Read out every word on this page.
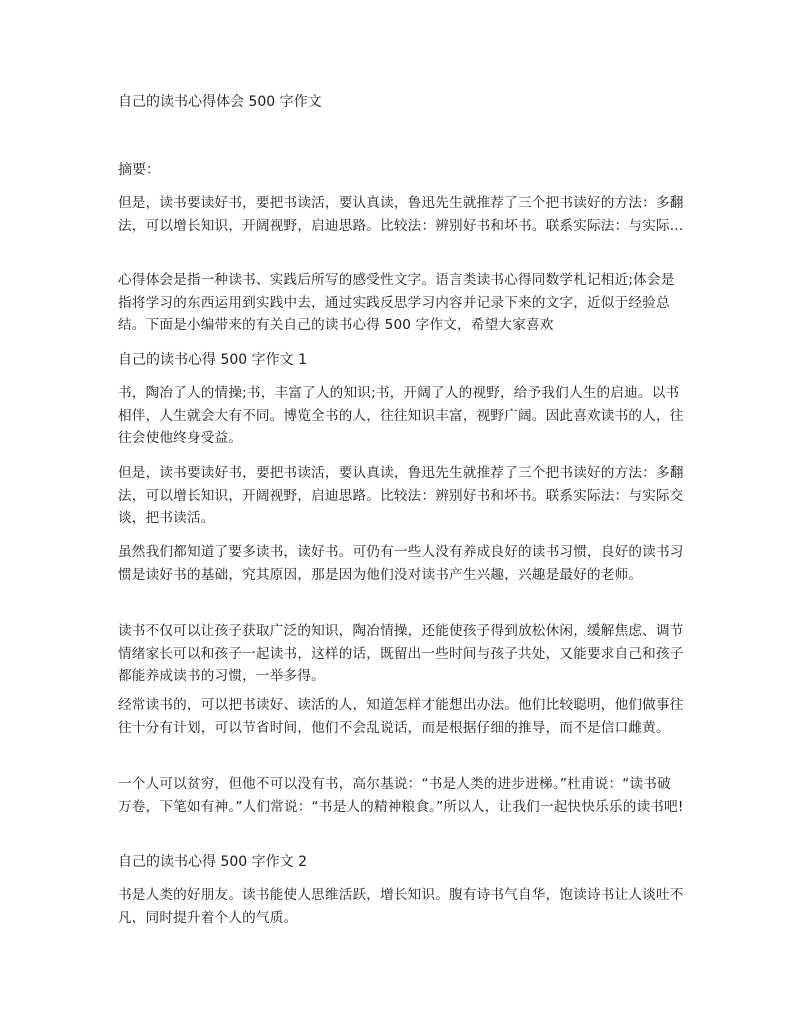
自己的读书心得体会 500 字作文
摘要：

但是，读书要读好书，要把书读活，要认真读，鲁迅先生就推荐了三个把书读好的方法：多翻法，可以增长知识，开阔视野，启迪思路。比较法：辨别好书和坏书。联系实际法：与实际...

心得体会是指一种读书、实践后所写的感受性文字。语言类读书心得同数学札记相近;体会是指将学习的东西运用到实践中去，通过实践反思学习内容并记录下来的文字，近似于经验总结。下面是小编带来的有关自己的读书心得 500 字作文，希望大家喜欢

自己的读书心得 500 字作文 1

书，陶冶了人的情操;书，丰富了人的知识;书，开阔了人的视野，给予我们人生的启迪。以书相伴，人生就会大有不同。博览全书的人，往往知识丰富，视野广阔。因此喜欢读书的人，往往会使他终身受益。

但是，读书要读好书，要把书读活，要认真读，鲁迅先生就推荐了三个把书读好的方法：多翻法，可以增长知识，开阔视野，启迪思路。比较法：辨别好书和坏书。联系实际法：与实际交谈，把书读活。

虽然我们都知道了要多读书，读好书。可仍有一些人没有养成良好的读书习惯，良好的读书习惯是读好书的基础，究其原因，那是因为他们没对读书产生兴趣，兴趣是最好的老师。

读书不仅可以让孩子获取广泛的知识，陶冶情操，还能使孩子得到放松休闲，缓解焦虑、调节情绪家长可以和孩子一起读书，这样的话，既留出一些时间与孩子共处，又能要求自己和孩子都能养成读书的习惯，一举多得。

经常读书的，可以把书读好、读活的人，知道怎样才能想出办法。他们比较聪明，他们做事往往十分有计划，可以节省时间，他们不会乱说话，而是根据仔细的推导，而不是信口雌黄。

一个人可以贫穷，但他不可以没有书，高尔基说：“书是人类的进步进梯。”杜甫说：“读书破万卷，下笔如有神。”人们常说：“书是人的精神粮食。”所以人，让我们一起快快乐乐的读书吧!

自己的读书心得 500 字作文 2

书是人类的好朋友。读书能使人思维活跃，增长知识。腹有诗书气自华，饱读诗书让人谈吐不凡，同时提升着个人的气质。
